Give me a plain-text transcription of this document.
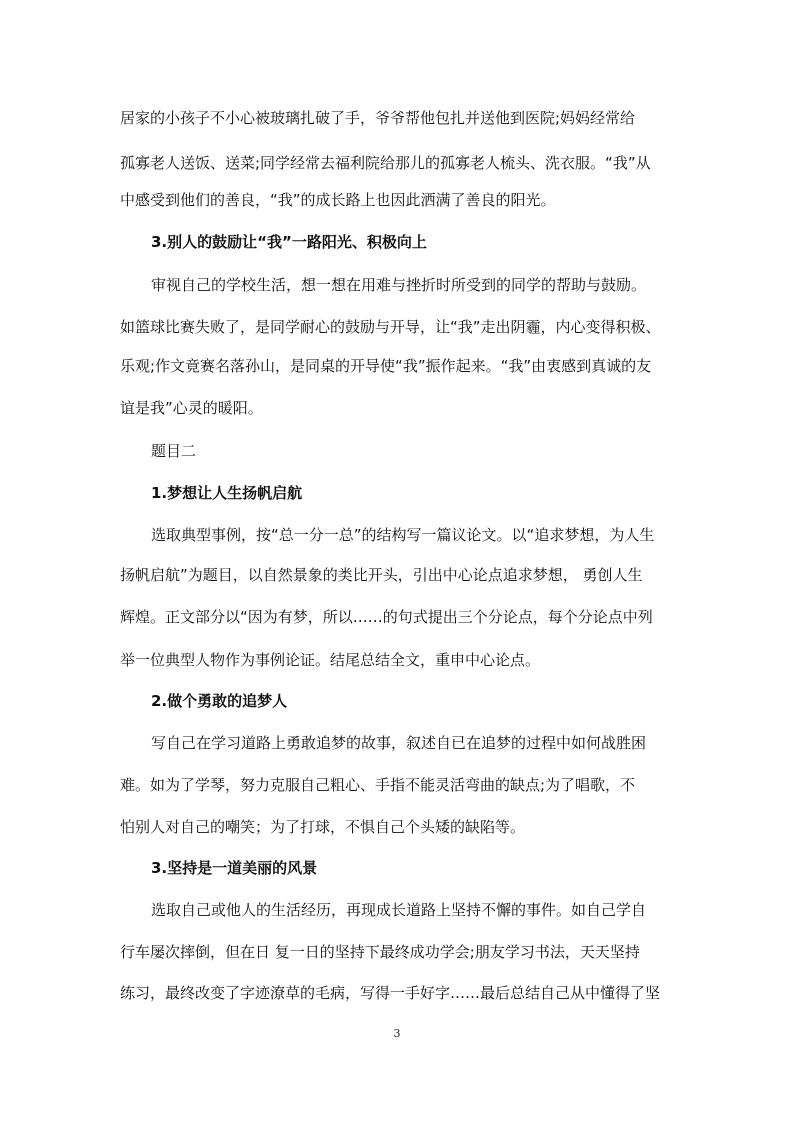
居家的小孩子不小心被玻璃扎破了手，爷爷帮他包扎并送他到医院;妈妈经常给
孤寡老人送饭、送菜;同学经常去福利院给那儿的孤寡老人梳头、洗衣服。“我”从
中感受到他们的善良，“我”的成长路上也因此洒满了善良的阳光。
3.别人的鼓励让“我”一路阳光、积极向上
审视自己的学校生活，想一想在用难与挫折时所受到的同学的帮助与鼓励。
如篮球比赛失败了，是同学耐心的鼓励与开导，让“我”走出阴霾，内心变得积极、
乐观;作文竟赛名落孙山，是同桌的开导使“我”振作起来。“我”由衷感到真诚的友
谊是我”心灵的暖阳。
题目二
1.梦想让人生扬帆启航
选取典型事例，按“总一分一总”的结构写一篇议论文。以“追求梦想，为人生
扬帆启航”为题目，以自然景象的类比开头，引出中心论点追求梦想， 勇创人生
辉煌。正文部分以“因为有梦，所以……的句式提出三个分论点，每个分论点中列
举一位典型人物作为事例论证。结尾总结全文，重申中心论点。
2.做个勇敢的追梦人
写自己在学习道路上勇敢追梦的故事，叙述自已在追梦的过程中如何战胜困
难。如为了学琴，努力克服自己粗心、手指不能灵活弯曲的缺点;为了唱歌，不
怕别人对自己的嘲笑；为了打球，不惧自己个头矮的缺陷等。
3.坚持是一道美丽的风景
选取自己或他人的生活经历，再现成长道路上坚持不懈的事件。如自己学自
行车屡次摔倒，但在日 复一日的坚持下最终成功学会;朋友学习书法，天天坚持
练习，最终改变了字迹潦草的毛病，写得一手好字……最后总结自己从中懂得了坚
3
